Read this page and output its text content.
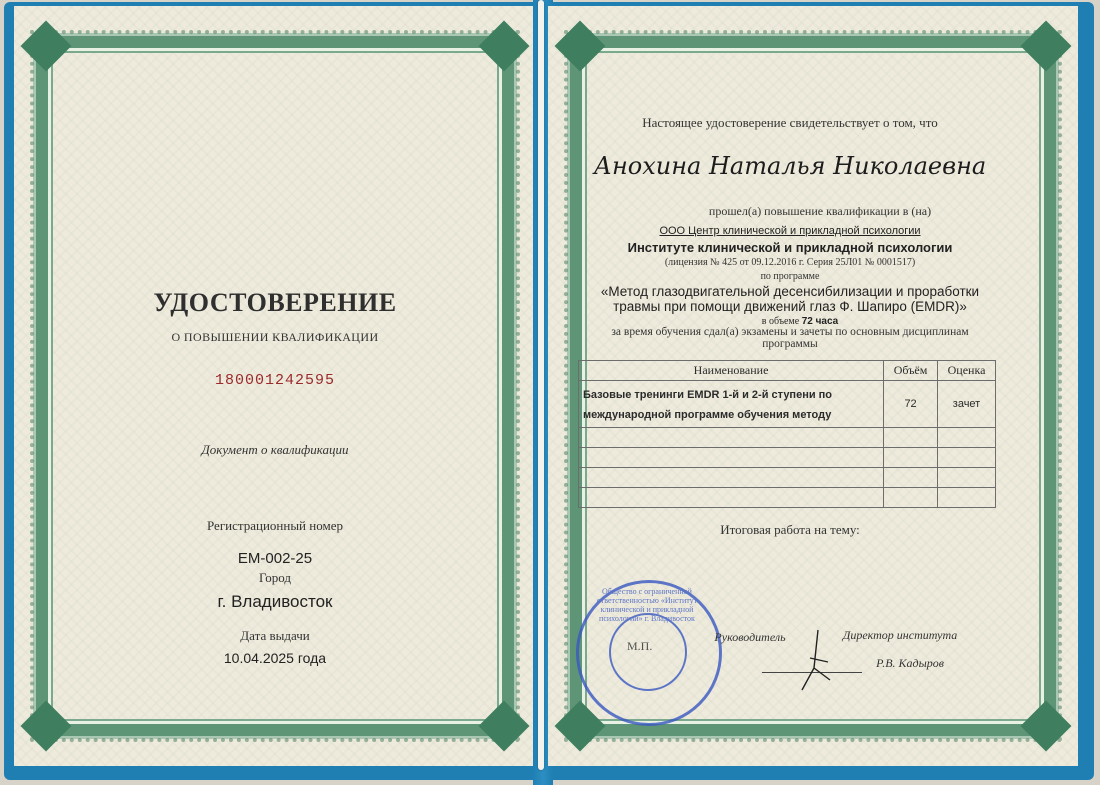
УДОСТОВЕРЕНИЕ
О ПОВЫШЕНИИ КВАЛИФИКАЦИИ
180001242595
Документ о квалификации
Регистрационный номер
ЕМ-002-25
Город
г. Владивосток
Дата выдачи
10.04.2025 года
Настоящее удостоверение свидетельствует о том, что
Анохина Наталья Николаевна
прошел(а) повышение квалификации в (на)
ООО Центр клинической и прикладной психологии
Институте клинической и прикладной психологии
(лицензия № 425 от 09.12.2016 г. Серия 25Л01 № 0001517)
по программе
«Метод глазодвигательной десенсибилизации и проработки
травмы при помощи движений глаз Ф. Шапиро (EMDR)»
в объеме 72 часа
за время обучения сдал(а) экзамены и зачеты по основным дисциплинам
программы
Наименование	Объём	Оценка

Базовые тренинги EMDR 1-й и 2-й ступени по
международной программе обучения методу	72	зачет

Итоговая работа на тему:
Общество с ограниченной ответственностью «Институт клинической и прикладной психологии» г. Владивосток
М.П.
Руководитель	Директор института
Р.В. Кадыров
